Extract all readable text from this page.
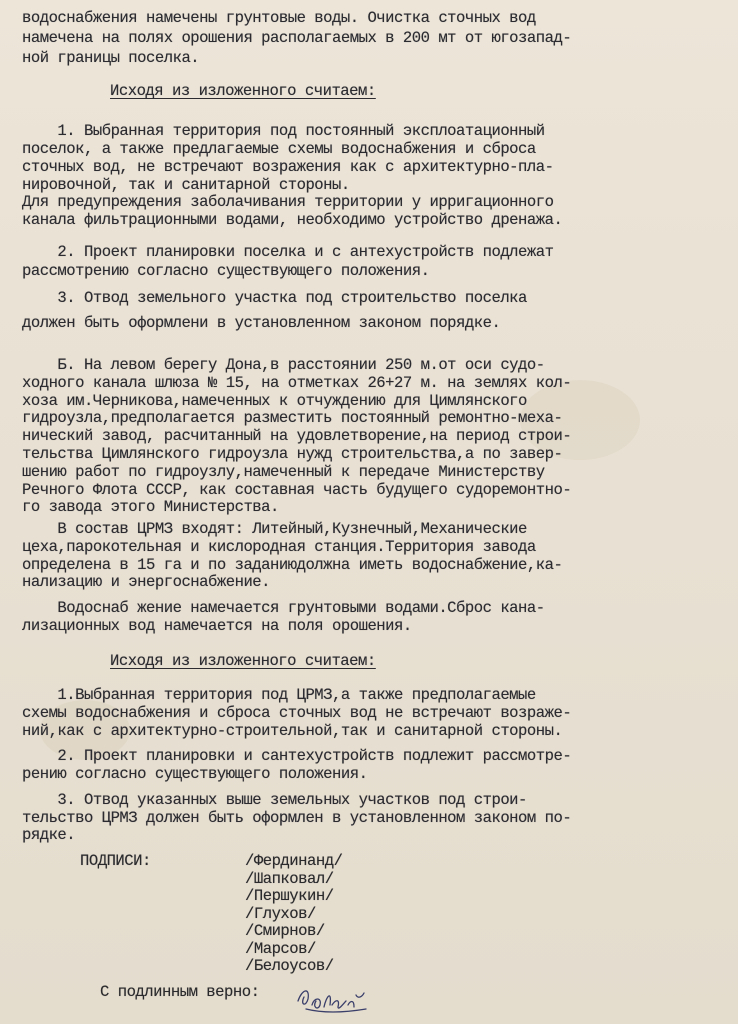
водоснабжения намечены грунтовые воды. Очистка сточных вод
намечена на полях орошения располагаемых в 200 мт от югозапад-
ной границы поселка.
Исходя из изложенного считаем:
1. Выбранная территория под постоянный эксплоатационный
поселок, а также предлагаемые схемы водоснабжения и сброса
сточных вод, не встречают возражения как с архитектурно-пла-
нировочной, так и санитарной стороны.
Для предупреждения заболачивания территории у ирригационного
канала фильтрационными водами, необходимо устройство дренажа.
2. Проект планировки поселка и с антехустройств подлежат
рассмотрению согласно существующего положения.
3. Отвод земельного участка под строительство поселка
должен быть оформлени в установленном законом порядке.
Б. На левом берегу Дона,в расстоянии 250 м.от оси судо-
ходного канала шлюза № 15, на отметках 26+27 м. на землях кол-
хоза им.Черникова,намеченных к отчуждению для Цимлянского
гидроузла,предполагается разместить постоянный ремонтно-меха-
нический завод, расчитанный на удовлетворение,на период строи-
тельства Цимлянского гидроузла нужд строительства,а по завер-
шению работ по гидроузлу,намеченный к передаче Министерству
Речного Флота СССР, как составная часть будущего судоремонтно-
го завода этого Министерства.
В состав ЦРМЗ входят: Литейный,Кузнечный,Механические
цеха,парокотельная и кислородная станция.Территория завода
определена в 15 га и по заданиюдолжна иметь водоснабжение,ка-
нализацию и энергоснабжение.
Водоснаб жение намечается грунтовыми водами.Сброс кана-
лизационных вод намечается на поля орошения.
Исходя из изложенного считаем:
1.Выбранная территория под ЦРМЗ,а также предполагаемые
схемы водоснабжения и сброса сточных вод не встречают возраже-
ний,как с архитектурно-строительной,так и санитарной стороны.
2. Проект планировки и сантехустройств подлежит рассмотре-
рению согласно существующего положения.
3. Отвод указанных выше земельных участков под строи-
тельство ЦРМЗ должен быть оформлен в установленном законом по-
рядке.
ПОДПИСИ:	/Фердинанд/
/Шапковал/
/Першукин/
/Глухов/
/Смирнов/
/Марсов/
/Белоусов/
С подлинным верно:
